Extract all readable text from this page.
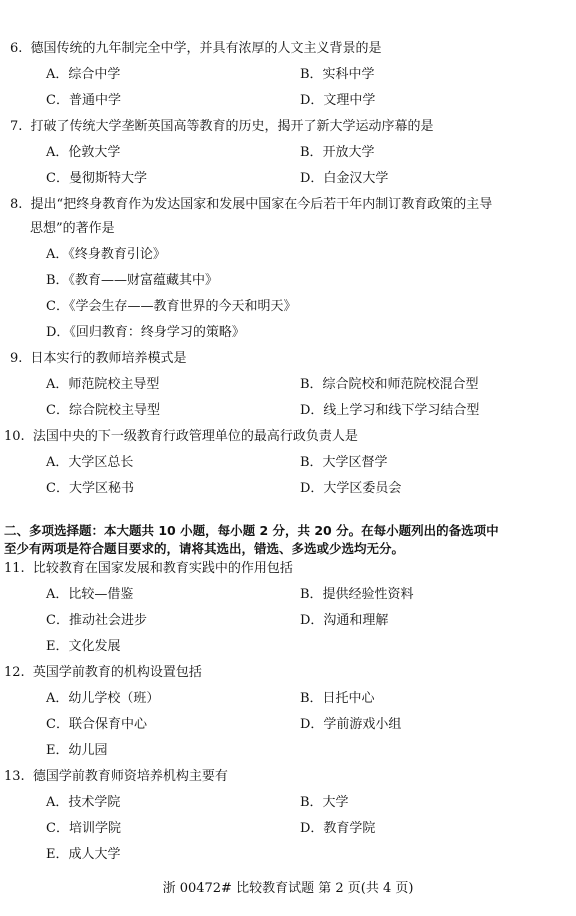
6. 德国传统的九年制完全中学，并具有浓厚的人文主义背景的是
A．综合中学	B．实科中学
C．普通中学	D．文理中学
7. 打破了传统大学垄断英国高等教育的历史，揭开了新大学运动序幕的是
A．伦敦大学	B．开放大学
C．曼彻斯特大学	D．白金汉大学
8. 提出“把终身教育作为发达国家和发展中国家在今后若干年内制订教育政策的主导
思想”的著作是
A．《终身教育引论》
B．《教育——财富蕴藏其中》
C．《学会生存——教育世界的今天和明天》
D．《回归教育：终身学习的策略》
9. 日本实行的教师培养模式是
A．师范院校主导型	B．综合院校和师范院校混合型
C．综合院校主导型	D．线上学习和线下学习结合型
10. 法国中央的下一级教育行政管理单位的最高行政负责人是
A．大学区总长	B．大学区督学
C．大学区秘书	D．大学区委员会
二、多项选择题：本大题共 10 小题，每小题 2 分，共 20 分。在每小题列出的备选项中
至少有两项是符合题目要求的，请将其选出，错选、多选或少选均无分。
11. 比较教育在国家发展和教育实践中的作用包括
A．比较—借鉴	B．提供经验性资料
C．推动社会进步	D．沟通和理解
E．文化发展
12. 英国学前教育的机构设置包括
A．幼儿学校（班）	B．日托中心
C．联合保育中心	D．学前游戏小组
E．幼儿园
13. 德国学前教育师资培养机构主要有
A．技术学院	B．大学
C．培训学院	D．教育学院
E．成人大学
浙 00472# 比较教育试题 第 2 页(共 4 页)
